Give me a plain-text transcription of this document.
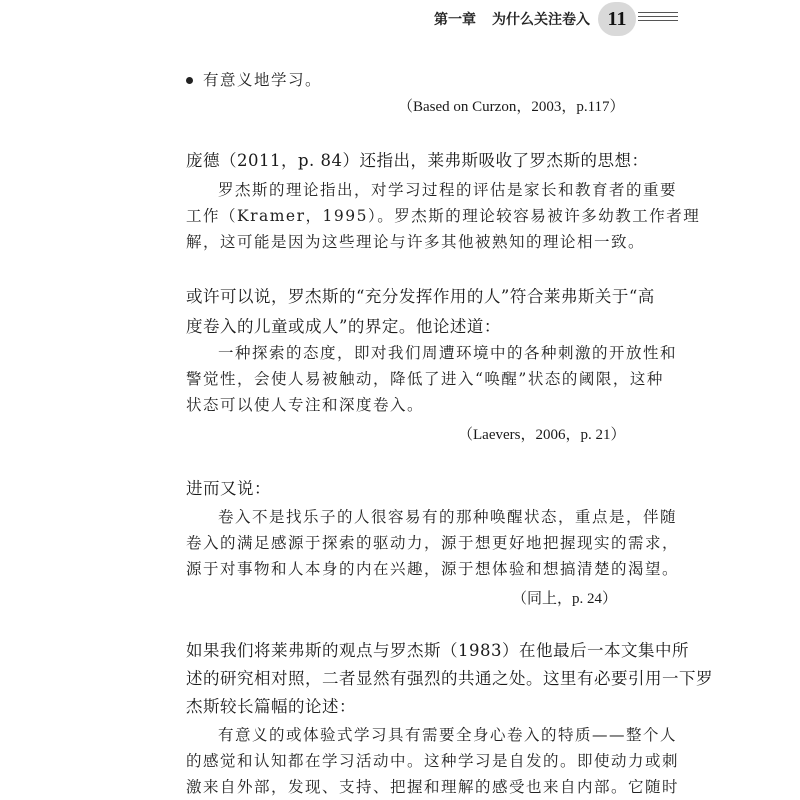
第一章 为什么关注卷入 11
有意义地学习。
（Based on Curzon，2003，p.117）
庞德（2011，p. 84）还指出，莱弗斯吸收了罗杰斯的思想：
罗杰斯的理论指出，对学习过程的评估是家长和教育者的重要
工作（Kramer，1995）。罗杰斯的理论较容易被许多幼教工作者理
解，这可能是因为这些理论与许多其他被熟知的理论相一致。
或许可以说，罗杰斯的“充分发挥作用的人”符合莱弗斯关于“高
度卷入的儿童或成人”的界定。他论述道：
一种探索的态度，即对我们周遭环境中的各种刺激的开放性和
警觉性，会使人易被触动，降低了进入“唤醒”状态的阈限，这种
状态可以使人专注和深度卷入。
（Laevers，2006，p. 21）
进而又说：
卷入不是找乐子的人很容易有的那种唤醒状态，重点是，伴随
卷入的满足感源于探索的驱动力，源于想更好地把握现实的需求，
源于对事物和人本身的内在兴趣，源于想体验和想搞清楚的渴望。
（同上，p. 24）
如果我们将莱弗斯的观点与罗杰斯（1983）在他最后一本文集中所
述的研究相对照，二者显然有强烈的共通之处。这里有必要引用一下罗
杰斯较长篇幅的论述：
有意义的或体验式学习具有需要全身心卷入的特质——整个人
的感觉和认知都在学习活动中。这种学习是自发的。即使动力或刺
激来自外部，发现、支持、把握和理解的感受也来自内部。它随时
